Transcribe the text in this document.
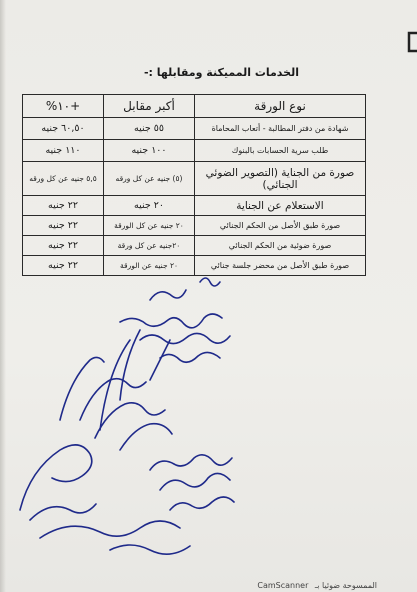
الخدمات المميكنة ومقابلها :-
نوع الورقة	أكبر مقابل	+١٠%
شهادة من دفتر المطالبة - أتعاب المحاماة	٥٥ جنيه	٦٠,٥٠ جنيه
طلب سرية الحسابات بالبنوك	١٠٠ جنيه	١١٠ جنيه
صورة من الجناية (التصوير الضوئي الجنائي)	(٥) جنيه عن كل ورقه	٥,٥ جنيه عن كل ورقه
الاستعلام عن الجناية	٢٠ جنيه	٢٢ جنيه
صورة طبق الأصل من الحكم الجنائي	٢٠ جنيه عن كل الورقة	٢٢ جنيه
صورة ضوئية من الحكم الجنائي	٢٠جنيه عن كل ورقة	٢٢ جنيه
صورة طبق الأصل من محضر جلسة جنائي	٢٠ جنيه عن الورقة	٢٢ جنيه
CamScanner الممسوحة ضوئيا بـ
